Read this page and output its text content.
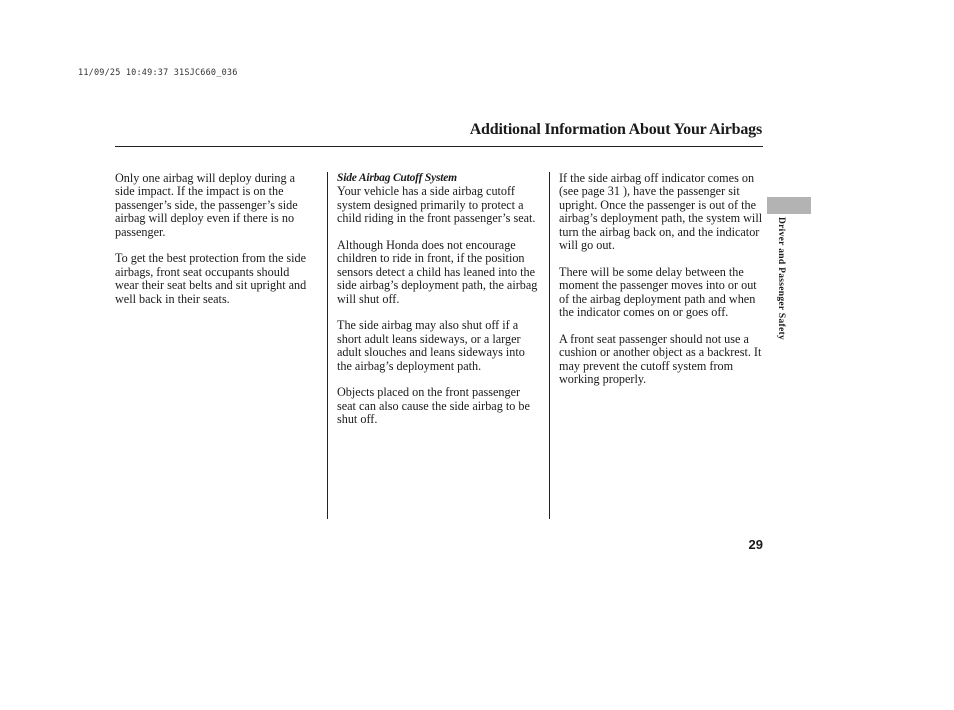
11/09/25 10:49:37 31SJC660_036
Additional Information About Your Airbags

Only one airbag will deploy during a side impact. If the impact is on the passenger’s side, the passenger’s side airbag will deploy even if there is no passenger.

To get the best protection from the side airbags, front seat occupants should wear their seat belts and sit upright and well back in their seats.

Side Airbag Cutoff System

Your vehicle has a side airbag cutoff system designed primarily to protect a child riding in the front passenger’s seat.

Although Honda does not encourage children to ride in front, if the position sensors detect a child has leaned into the side airbag’s deployment path, the airbag will shut off.

The side airbag may also shut off if a short adult leans sideways, or a larger adult slouches and leans sideways into the airbag’s deployment path.

Objects placed on the front passenger seat can also cause the side airbag to be shut off.

If the side airbag off indicator comes on (see page 31 ), have the passenger sit upright. Once the passenger is out of the airbag’s deployment path, the system will turn the airbag back on, and the indicator will go out.

There will be some delay between the moment the passenger moves into or out of the airbag deployment path and when the indicator comes on or goes off.

A front seat passenger should not use a cushion or another object as a backrest. It may prevent the cutoff system from working properly.

Driver and Passenger Safety
29
